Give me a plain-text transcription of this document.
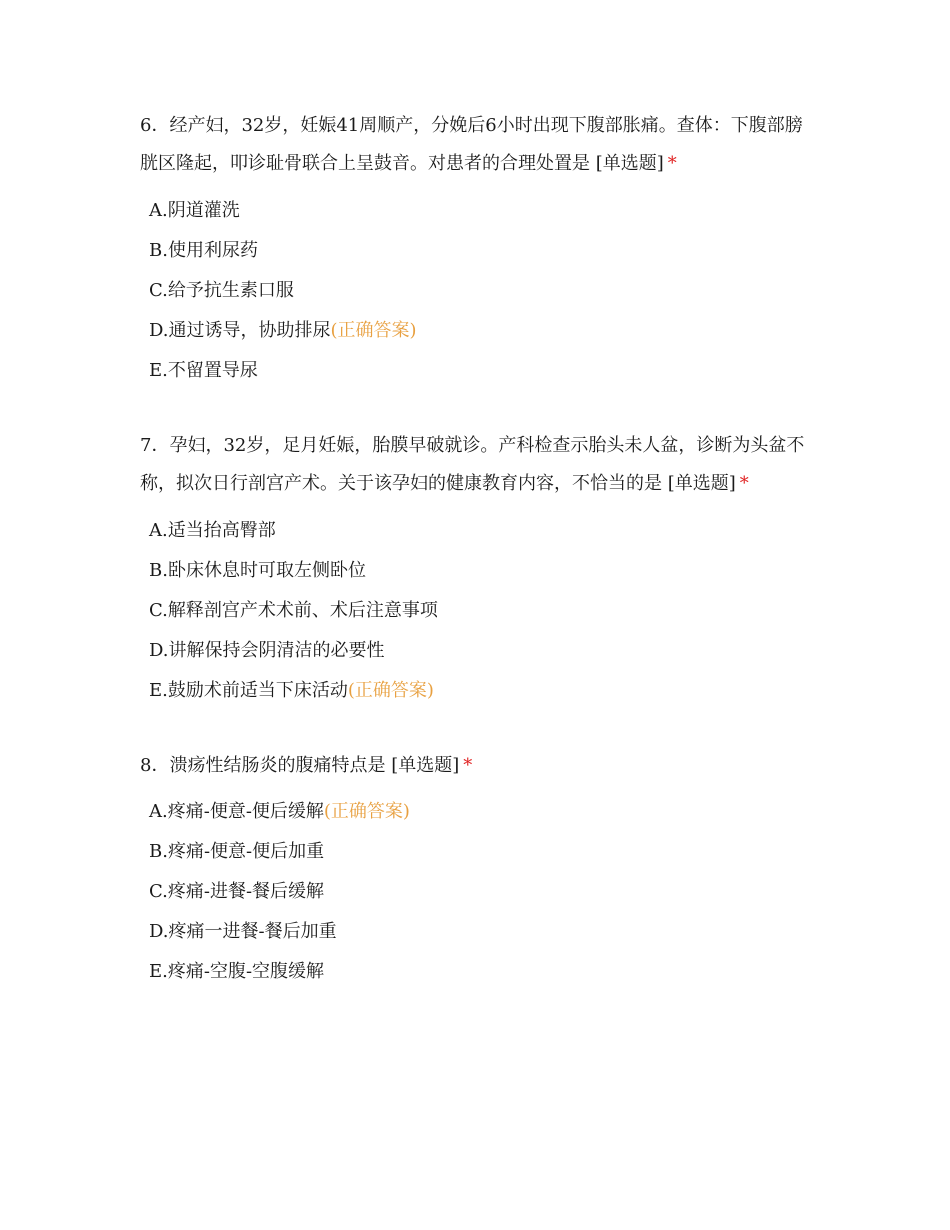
6．经产妇，32岁，妊娠41周顺产，分娩后6小时出现下腹部胀痛。查体：下腹部膀胱区隆起，叩诊耻骨联合上呈鼓音。对患者的合理处置是 [单选题] *

A.阴道灌洗
B.使用利尿药
C.给予抗生素口服
D.通过诱导，协助排尿(正确答案)
E.不留置导尿

7．孕妇，32岁，足月妊娠，胎膜早破就诊。产科检查示胎头未人盆，诊断为头盆不称，拟次日行剖宫产术。关于该孕妇的健康教育内容，不恰当的是 [单选题] *

A.适当抬高臀部
B.卧床休息时可取左侧卧位
C.解释剖宫产术术前、术后注意事项
D.讲解保持会阴清洁的必要性
E.鼓励术前适当下床活动(正确答案)

8．溃疡性结肠炎的腹痛特点是 [单选题] *

A.疼痛-便意-便后缓解(正确答案)
B.疼痛-便意-便后加重
C.疼痛-进餐-餐后缓解
D.疼痛一进餐-餐后加重
E.疼痛-空腹-空腹缓解
